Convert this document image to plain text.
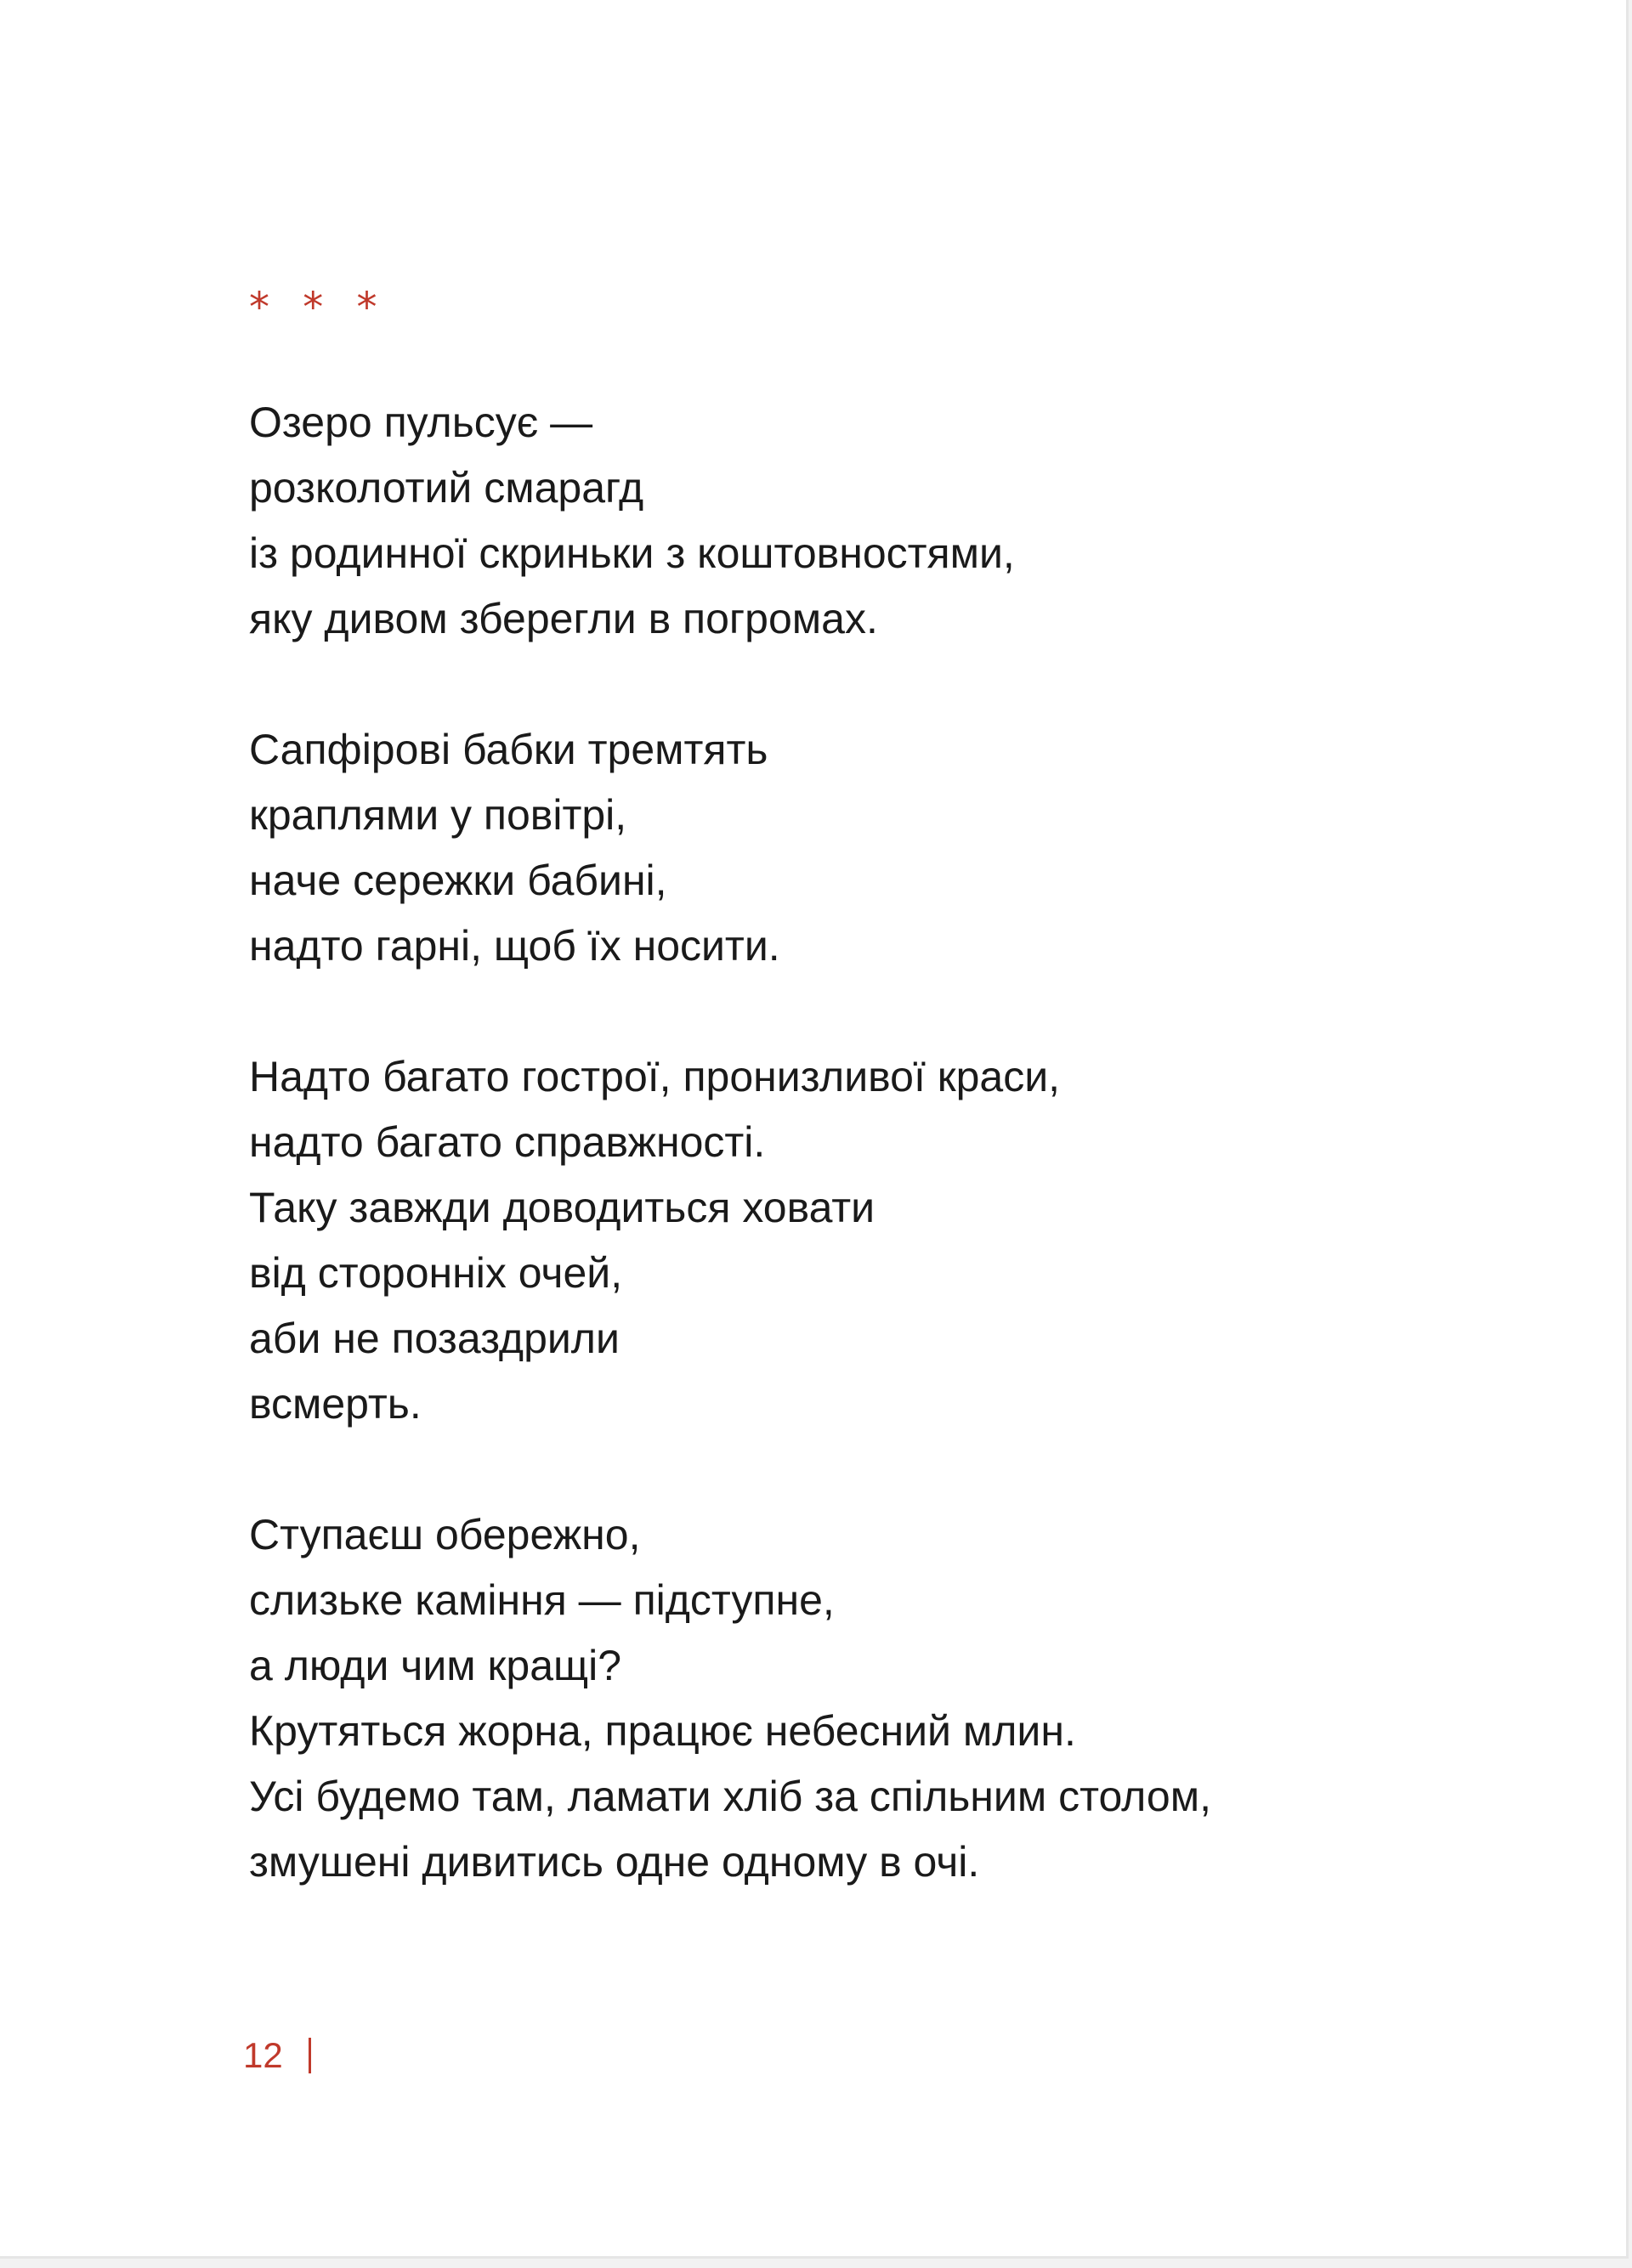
* * *
Озеро пульсує —
розколотий смарагд
із родинної скриньки з коштовностями,
яку дивом зберегли в погромах.
Сапфірові бабки тремтять
краплями у повітрі,
наче сережки бабині,
надто гарні, щоб їх носити.
Надто багато гострої, пронизливої краси,
надто багато справжності.
Таку завжди доводиться ховати
від сторонніх очей,
аби не позаздрили
всмерть.
Ступаєш обережно,
слизьке каміння — підступне,
а люди чим кращі?
Крутяться жорна, працює небесний млин.
Усі будемо там, ламати хліб за спільним столом,
змушені дивитись одне одному в очі.
12
